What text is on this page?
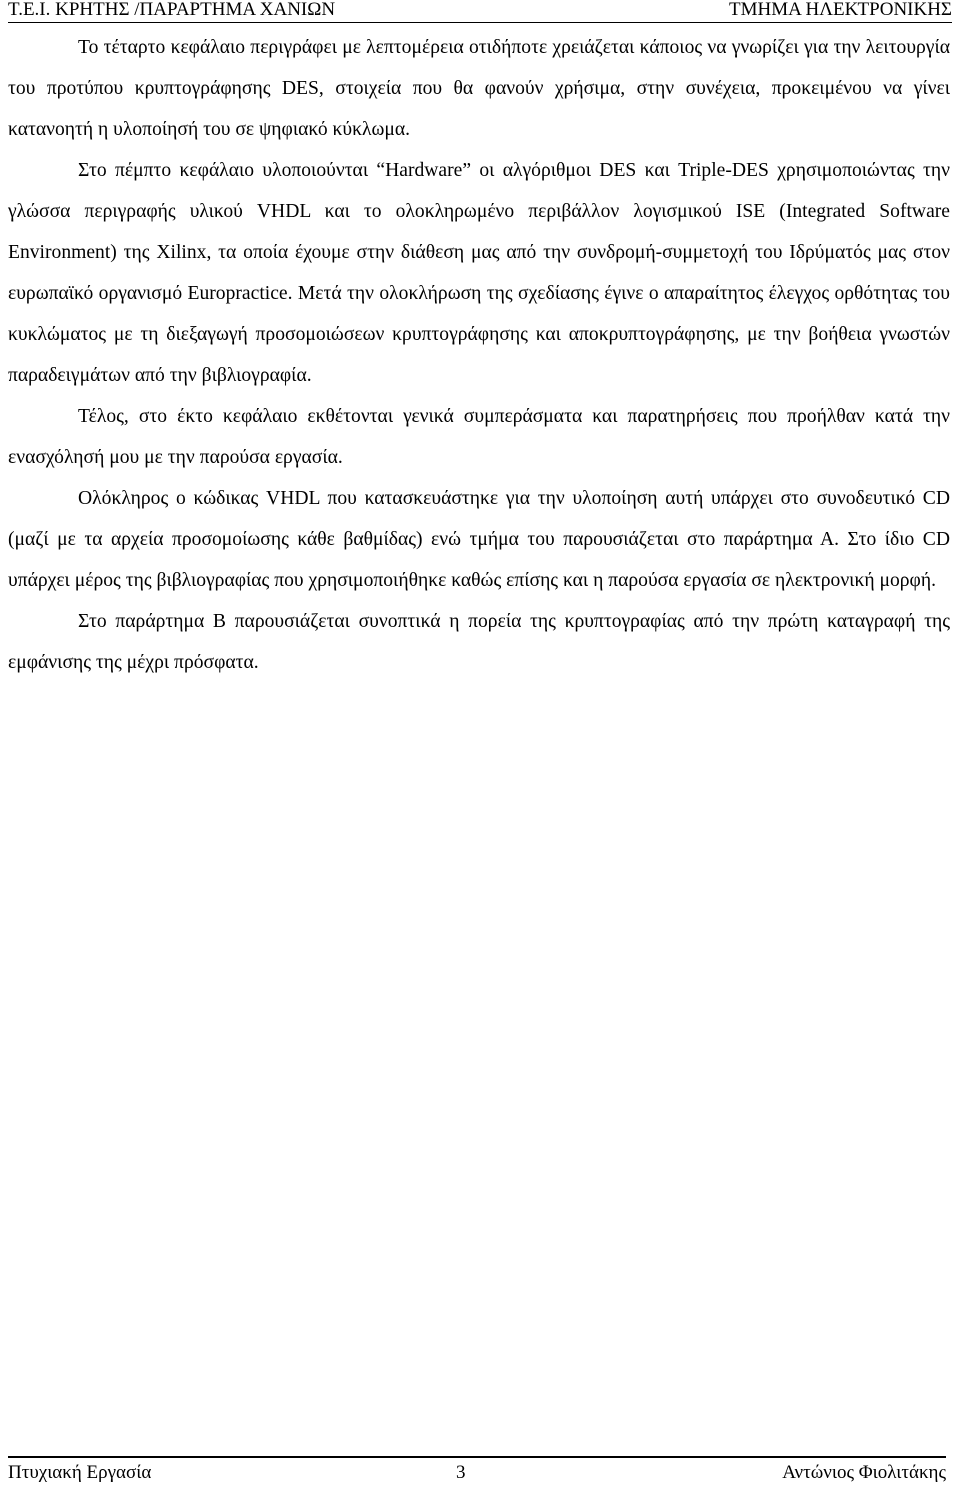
Τ.Ε.Ι. ΚΡΗΤΗΣ /ΠΑΡΑΡΤΗΜΑ ΧΑΝΙΩΝ	ΤΜΗΜΑ ΗΛΕΚΤΡΟΝΙΚΗΣ

Το τέταρτο κεφάλαιο περιγράφει με λεπτομέρεια οτιδήποτε χρειάζεται κάποιος να γνωρίζει για την λειτουργία του προτύπου κρυπτογράφησης DES, στοιχεία που θα φανούν χρήσιμα, στην συνέχεια, προκειμένου να γίνει κατανοητή η υλοποίησή του σε ψηφιακό κύκλωμα.

Στο πέμπτο κεφάλαιο υλοποιούνται “Hardware” οι αλγόριθμοι DES και Triple-DES χρησιμοποιώντας την γλώσσα περιγραφής υλικού VHDL και το ολοκληρωμένο περιβάλλον λογισμικού ISE (Integrated Software Environment) της Xilinx, τα οποία έχουμε στην διάθεση μας από την συνδρομή-συμμετοχή του Ιδρύματός μας στον ευρωπαϊκό οργανισμό Europractice. Μετά την ολοκλήρωση της σχεδίασης έγινε ο απαραίτητος έλεγχος ορθότητας του κυκλώματος με τη διεξαγωγή προσομοιώσεων κρυπτογράφησης και αποκρυπτογράφησης, με την βοήθεια γνωστών παραδειγμάτων από την βιβλιογραφία.

Τέλος, στο έκτο κεφάλαιο εκθέτονται γενικά συμπεράσματα και παρατηρήσεις που προήλθαν κατά την ενασχόλησή μου με την παρούσα εργασία.

Ολόκληρος ο κώδικας VHDL που κατασκευάστηκε για την υλοποίηση αυτή υπάρχει στο συνοδευτικό CD (μαζί με τα αρχεία προσομοίωσης κάθε βαθμίδας) ενώ τμήμα του παρουσιάζεται στο παράρτημα Α. Στο ίδιο CD υπάρχει μέρος της βιβλιογραφίας που χρησιμοποιήθηκε καθώς επίσης και η παρούσα εργασία σε ηλεκτρονική μορφή.

Στο παράρτημα Β παρουσιάζεται συνοπτικά η πορεία της κρυπτογραφίας από την πρώτη καταγραφή της εμφάνισης της μέχρι πρόσφατα.

Πτυχιακή Εργασία	3	Αντώνιος Φιολιτάκης
